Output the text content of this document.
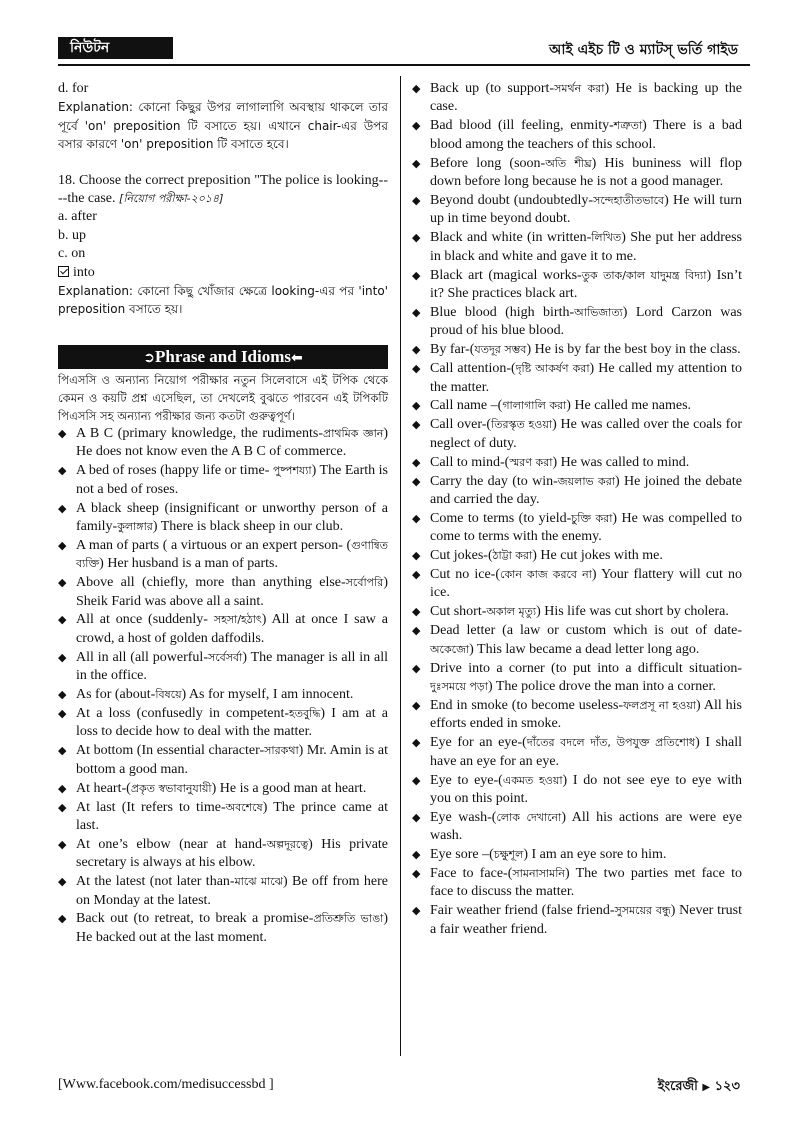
নিউটন	আই এইচ টি ও ম্যাটস্ ভর্তি গাইড

d. for

Explanation: কোনো কিছুর উপর লাগালাগি অবস্থায় থাকলে তার পূর্বে 'on' preposition টি বসাতে হয়। এখানে chair-এর উপর বসার কারণে 'on' preposition টি বসাতে হবে।

18. Choose the correct preposition "The police is looking----the case. [নিয়োগ পরীক্ষা-২০১৪]

a. after

b. up

c. on

into

Explanation: কোনো কিছু খোঁজার ক্ষেত্রে looking-এর পর 'into' preposition বসাতে হয়।

➲Phrase and Idioms⬅

পিএসসি ও অন্যান্য নিয়োগ পরীক্ষার নতুন সিলেবাসে এই টপিক থেকে কেমন ও কয়টি প্রশ্ন এসেছিল, তা দেখলেই বুঝতে পারবেন এই টপিকটি পিএসসি সহ অন্যান্য পরীক্ষার জন্য কতটা গুরুত্বপূর্ণ।

◆ A B C (primary knowledge, the rudiments-প্রাথমিক জ্ঞান) He does not know even the A B C of commerce.
◆ A bed of roses (happy life or time- পুষ্পশয্যা) The Earth is not a bed of roses.
◆ A black sheep (insignificant or unworthy person of a family-কুলাঙ্গার) There is black sheep in our club.
◆ A man of parts ( a virtuous or an expert person- (গুণান্বিত ব্যক্তি) Her husband is a man of parts.
◆ Above all (chiefly, more than anything else-সর্বোপরি) Sheik Farid was above all a saint.
◆ All at once (suddenly- সহসা/হঠাৎ) All at once I saw a crowd, a host of golden daffodils.
◆ All in all (all powerful-সর্বেসর্বা) The manager is all in all in the office.
◆ As for (about-বিষয়ে) As for myself, I am innocent.
◆ At a loss (confusedly in competent-হতবুদ্ধি) I am at a loss to decide how to deal with the matter.
◆ At bottom (In essential character-সারকথা) Mr. Amin is at bottom a good man.
◆ At heart-(প্রকৃত স্বভাবানুযায়ী) He is a good man at heart.
◆ At last (It refers to time-অবশেষে) The prince came at last.
◆ At one’s elbow (near at hand-অল্পদূরত্বে) His private secretary is always at his elbow.
◆ At the latest (not later than-মাঝে মাঝে) Be off from here on Monday at the latest.
◆ Back out (to retreat, to break a promise-প্রতিশ্রুতি ভাঙা) He backed out at the last moment.
◆ Back up (to support-সমর্থন করা) He is backing up the case.
◆ Bad blood (ill feeling, enmity-শত্রুতা) There is a bad blood among the teachers of this school.
◆ Before long (soon-অতি শীঘ্র) His buniness will flop down before long because he is not a good manager.
◆ Beyond doubt (undoubtedly-সন্দেহাতীতভাবে) He will turn up in time beyond doubt.
◆ Black and white (in written-লিখিত) She put her address in black and white and gave it to me.
◆ Black art (magical works-তুক তাক/কাল যাদুমন্ত্র বিদ্যা) Isn’t it? She practices black art.
◆ Blue blood (high birth-আভিজাত্য) Lord Carzon was proud of his blue blood.
◆ By far-(যতদূর সম্ভব) He is by far the best boy in the class.
◆ Call attention-(দৃষ্টি আকর্ষণ করা) He called my attention to the matter.
◆ Call name –(গালাগালি করা) He called me names.
◆ Call over-(তিরস্কৃত হওয়া) He was called over the coals for neglect of duty.
◆ Call to mind-(স্মরণ করা) He was called to mind.
◆ Carry the day (to win-জয়লাভ করা) He joined the debate and carried the day.
◆ Come to terms (to yield-চুক্তি করা) He was compelled to come to terms with the enemy.
◆ Cut jokes-(ঠাট্টা করা) He cut jokes with me.
◆ Cut no ice-(কোন কাজ করবে না) Your flattery will cut no ice.
◆ Cut short-অকাল মৃত্যু) His life was cut short by cholera.
◆ Dead letter (a law or custom which is out of date-অকেজো) This law became a dead letter long ago.
◆ Drive into a corner (to put into a difficult situation-দুঃসময়ে পড়া) The police drove the man into a corner.
◆ End in smoke (to become useless-ফলপ্রসূ না হওয়া) All his efforts ended in smoke.
◆ Eye for an eye-(দাঁতের বদলে দাঁত, উপযুক্ত প্রতিশোধ) I shall have an eye for an eye.
◆ Eye to eye-(একমত হওয়া) I do not see eye to eye with you on this point.
◆ Eye wash-(লোক দেখানো) All his actions are were eye wash.
◆ Eye sore –(চক্ষুশূল) I am an eye sore to him.
◆ Face to face-(সামনাসামনি) The two parties met face to face to discuss the matter.
◆ Fair weather friend (false friend-সুসময়ের বন্ধু) Never trust a fair weather friend.
[Www.facebook.com/medisuccessbd ]	ইংরেজী ▶ ১২৩
